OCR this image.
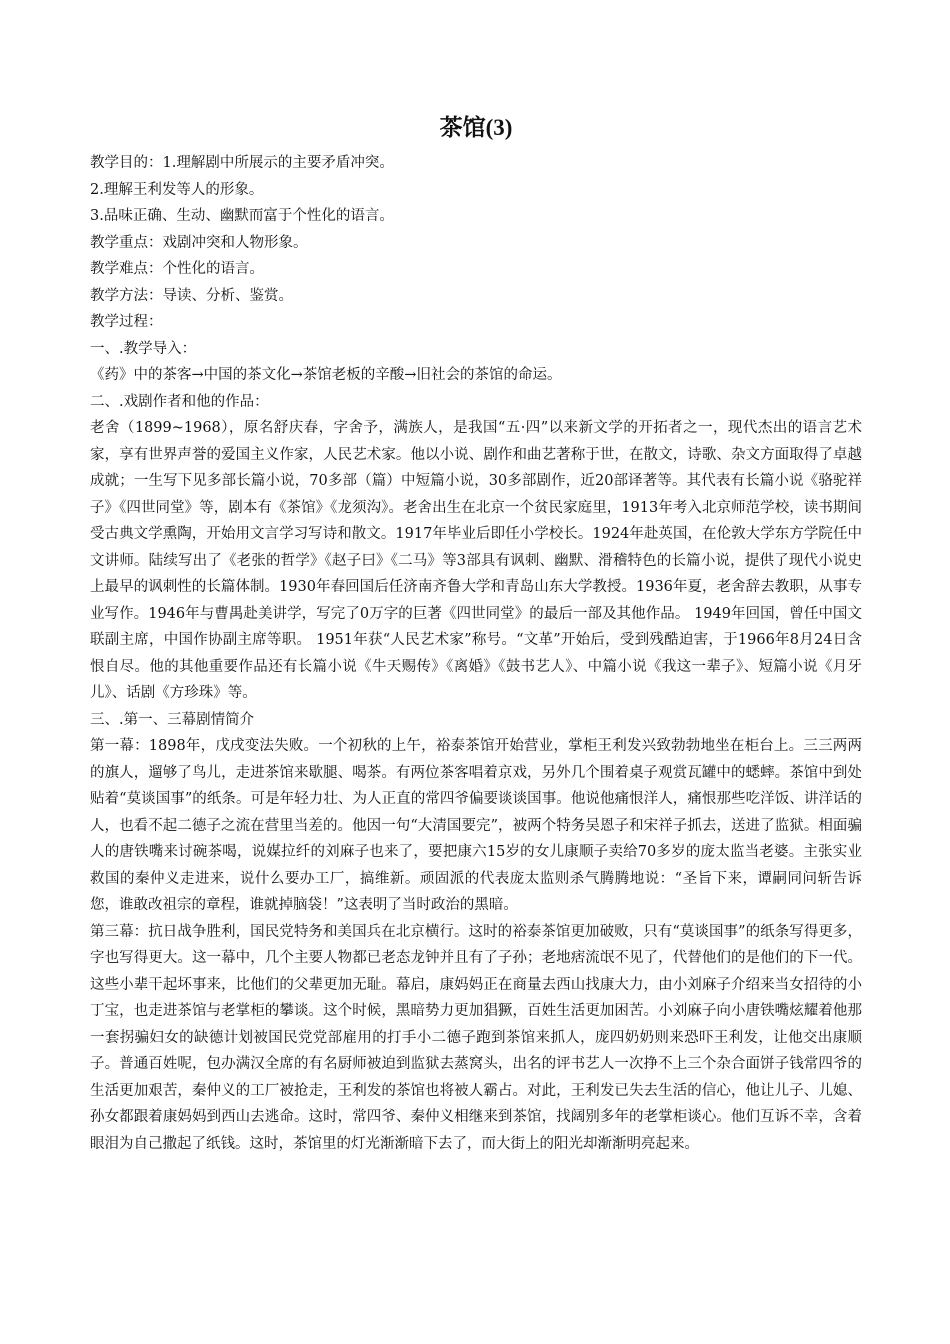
茶馆(3)

教学目的：1.理解剧中所展示的主要矛盾冲突。

2.理解王利发等人的形象。

3.品味正确、生动、幽默而富于个性化的语言。

教学重点：戏剧冲突和人物形象。

教学难点：个性化的语言。

教学方法：导读、分析、鉴赏。

教学过程：

一、.教学导入：

《药》中的茶客→中国的茶文化→茶馆老板的辛酸→旧社会的茶馆的命运。

二、.戏剧作者和他的作品：

老舍（1899~1968），原名舒庆春，字舍予，满族人，是我国“五·四”以来新文学的开拓者之一，现代杰出的语言艺术家，享有世界声誉的爱国主义作家，人民艺术家。他以小说、剧作和曲艺著称于世，在散文，诗歌、杂文方面取得了卓越成就；一生写下见多部长篇小说，70多部（篇）中短篇小说，30多部剧作，近20部译著等。其代表有长篇小说《骆驼祥子》《四世同堂》等，剧本有《茶馆》《龙须沟》。老舍出生在北京一个贫民家庭里，1913年考入北京师范学校，读书期间受古典文学熏陶，开始用文言学习写诗和散文。1917年毕业后即任小学校长。1924年赴英国，在伦敦大学东方学院任中文讲师。陆续写出了《老张的哲学》《赵子曰》《二马》等3部具有讽刺、幽默、滑稽特色的长篇小说，提供了现代小说史上最早的讽刺性的长篇体制。1930年春回国后任济南齐鲁大学和青岛山东大学教授。1936年夏，老舍辞去教职，从事专业写作。1946年与曹禺赴美讲学，写完了0万字的巨著《四世同堂》的最后一部及其他作品。 1949年回国，曾任中国文联副主席，中国作协副主席等职。 1951年获“人民艺术家”称号。“文革”开始后，受到残酷迫害，于1966年8月24日含恨自尽。他的其他重要作品还有长篇小说《牛天赐传》《离婚》《鼓书艺人》、中篇小说《我这一辈子》、短篇小说《月牙儿》、话剧《方珍珠》等。

三、.第一、三幕剧情简介

第一幕：1898年，戊戌变法失败。一个初秋的上午，裕泰茶馆开始营业，掌柜王利发兴致勃勃地坐在柜台上。三三两两的旗人，遛够了鸟儿，走进茶馆来歇腿、喝茶。有两位茶客唱着京戏，另外几个围着桌子观赏瓦罐中的蟋蟀。茶馆中到处贴着“莫谈国事”的纸条。可是年轻力壮、为人正直的常四爷偏要谈谈国事。他说他痛恨洋人，痛恨那些吃洋饭、讲洋话的人，也看不起二德子之流在营里当差的。他因一句“大清国要完”，被两个特务吴恩子和宋祥子抓去，送进了监狱。相面骗人的唐铁嘴来讨碗茶喝，说媒拉纤的刘麻子也来了，要把康六15岁的女儿康顺子卖给70多岁的庞太监当老婆。主张实业救国的秦仲义走进来，说什么要办工厂，搞维新。顽固派的代表庞太监则杀气腾腾地说：“圣旨下来，谭嗣同问斩告诉您，谁敢改祖宗的章程，谁就掉脑袋！”这表明了当时政治的黑暗。

第三幕：抗日战争胜利，国民党特务和美国兵在北京横行。这时的裕泰茶馆更加破败，只有“莫谈国事”的纸条写得更多，字也写得更大。这一幕中，几个主要人物都已老态龙钟并且有了子孙；老地痞流氓不见了，代替他们的是他们的下一代。这些小辈干起坏事来，比他们的父辈更加无耻。幕启，康妈妈正在商量去西山找康大力，由小刘麻子介绍来当女招待的小丁宝，也走进茶馆与老掌柜的攀谈。这个时候，黑暗势力更加猖獗，百姓生活更加困苦。小刘麻子向小唐铁嘴炫耀着他那一套拐骗妇女的缺德计划被国民党党部雇用的打手小二德子跑到茶馆来抓人，庞四奶奶则来恐吓王利发，让他交出康顺子。普通百姓呢，包办满汉全席的有名厨师被迫到监狱去蒸窝头，出名的评书艺人一次挣不上三个杂合面饼子钱常四爷的生活更加艰苦，秦仲义的工厂被抢走，王利发的茶馆也将被人霸占。对此，王利发已失去生活的信心，他让儿子、儿媳、孙女都跟着康妈妈到西山去逃命。这时，常四爷、秦仲义相继来到茶馆，找阔别多年的老掌柜谈心。他们互诉不幸，含着眼泪为自己撒起了纸钱。这时，茶馆里的灯光渐渐暗下去了，而大街上的阳光却渐渐明亮起来。
